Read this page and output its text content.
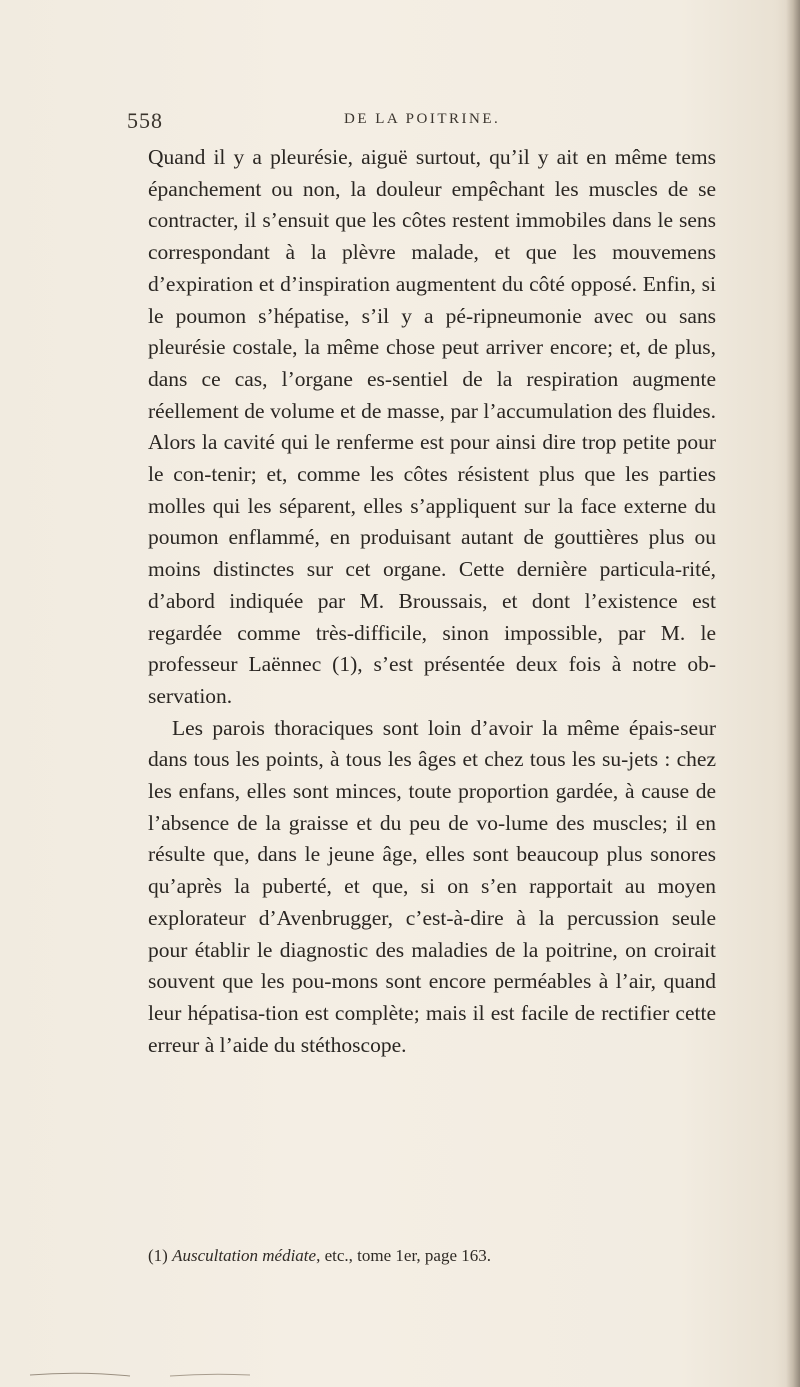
558	DE LA POITRINE.

Quand il y a pleurésie, aiguë surtout, qu’il y ait en même tems épanchement ou non, la douleur empêchant les muscles de se contracter, il s’ensuit que les côtes restent immobiles dans le sens correspondant à la plèvre malade, et que les mouvemens d’expiration et d’inspiration augmentent du côté opposé. Enfin, si le poumon s’hépatise, s’il y a pé-ripneumonie avec ou sans pleurésie costale, la même chose peut arriver encore; et, de plus, dans ce cas, l’organe es-sentiel de la respiration augmente réellement de volume et de masse, par l’accumulation des fluides. Alors la cavité qui le renferme est pour ainsi dire trop petite pour le con-tenir; et, comme les côtes résistent plus que les parties molles qui les séparent, elles s’appliquent sur la face externe du poumon enflammé, en produisant autant de gouttières plus ou moins distinctes sur cet organe. Cette dernière particula-rité, d’abord indiquée par M. Broussais, et dont l’existence est regardée comme très-difficile, sinon impossible, par M. le professeur Laënnec (1), s’est présentée deux fois à notre ob-servation.

Les parois thoraciques sont loin d’avoir la même épais-seur dans tous les points, à tous les âges et chez tous les su-jets : chez les enfans, elles sont minces, toute proportion gardée, à cause de l’absence de la graisse et du peu de vo-lume des muscles; il en résulte que, dans le jeune âge, elles sont beaucoup plus sonores qu’après la puberté, et que, si on s’en rapportait au moyen explorateur d’Avenbrugger, c’est-à-dire à la percussion seule pour établir le diagnostic des maladies de la poitrine, on croirait souvent que les pou-mons sont encore perméables à l’air, quand leur hépatisa-tion est complète; mais il est facile de rectifier cette erreur à l’aide du stéthoscope.

(1) Auscultation médiate, etc., tome 1er, page 163.
